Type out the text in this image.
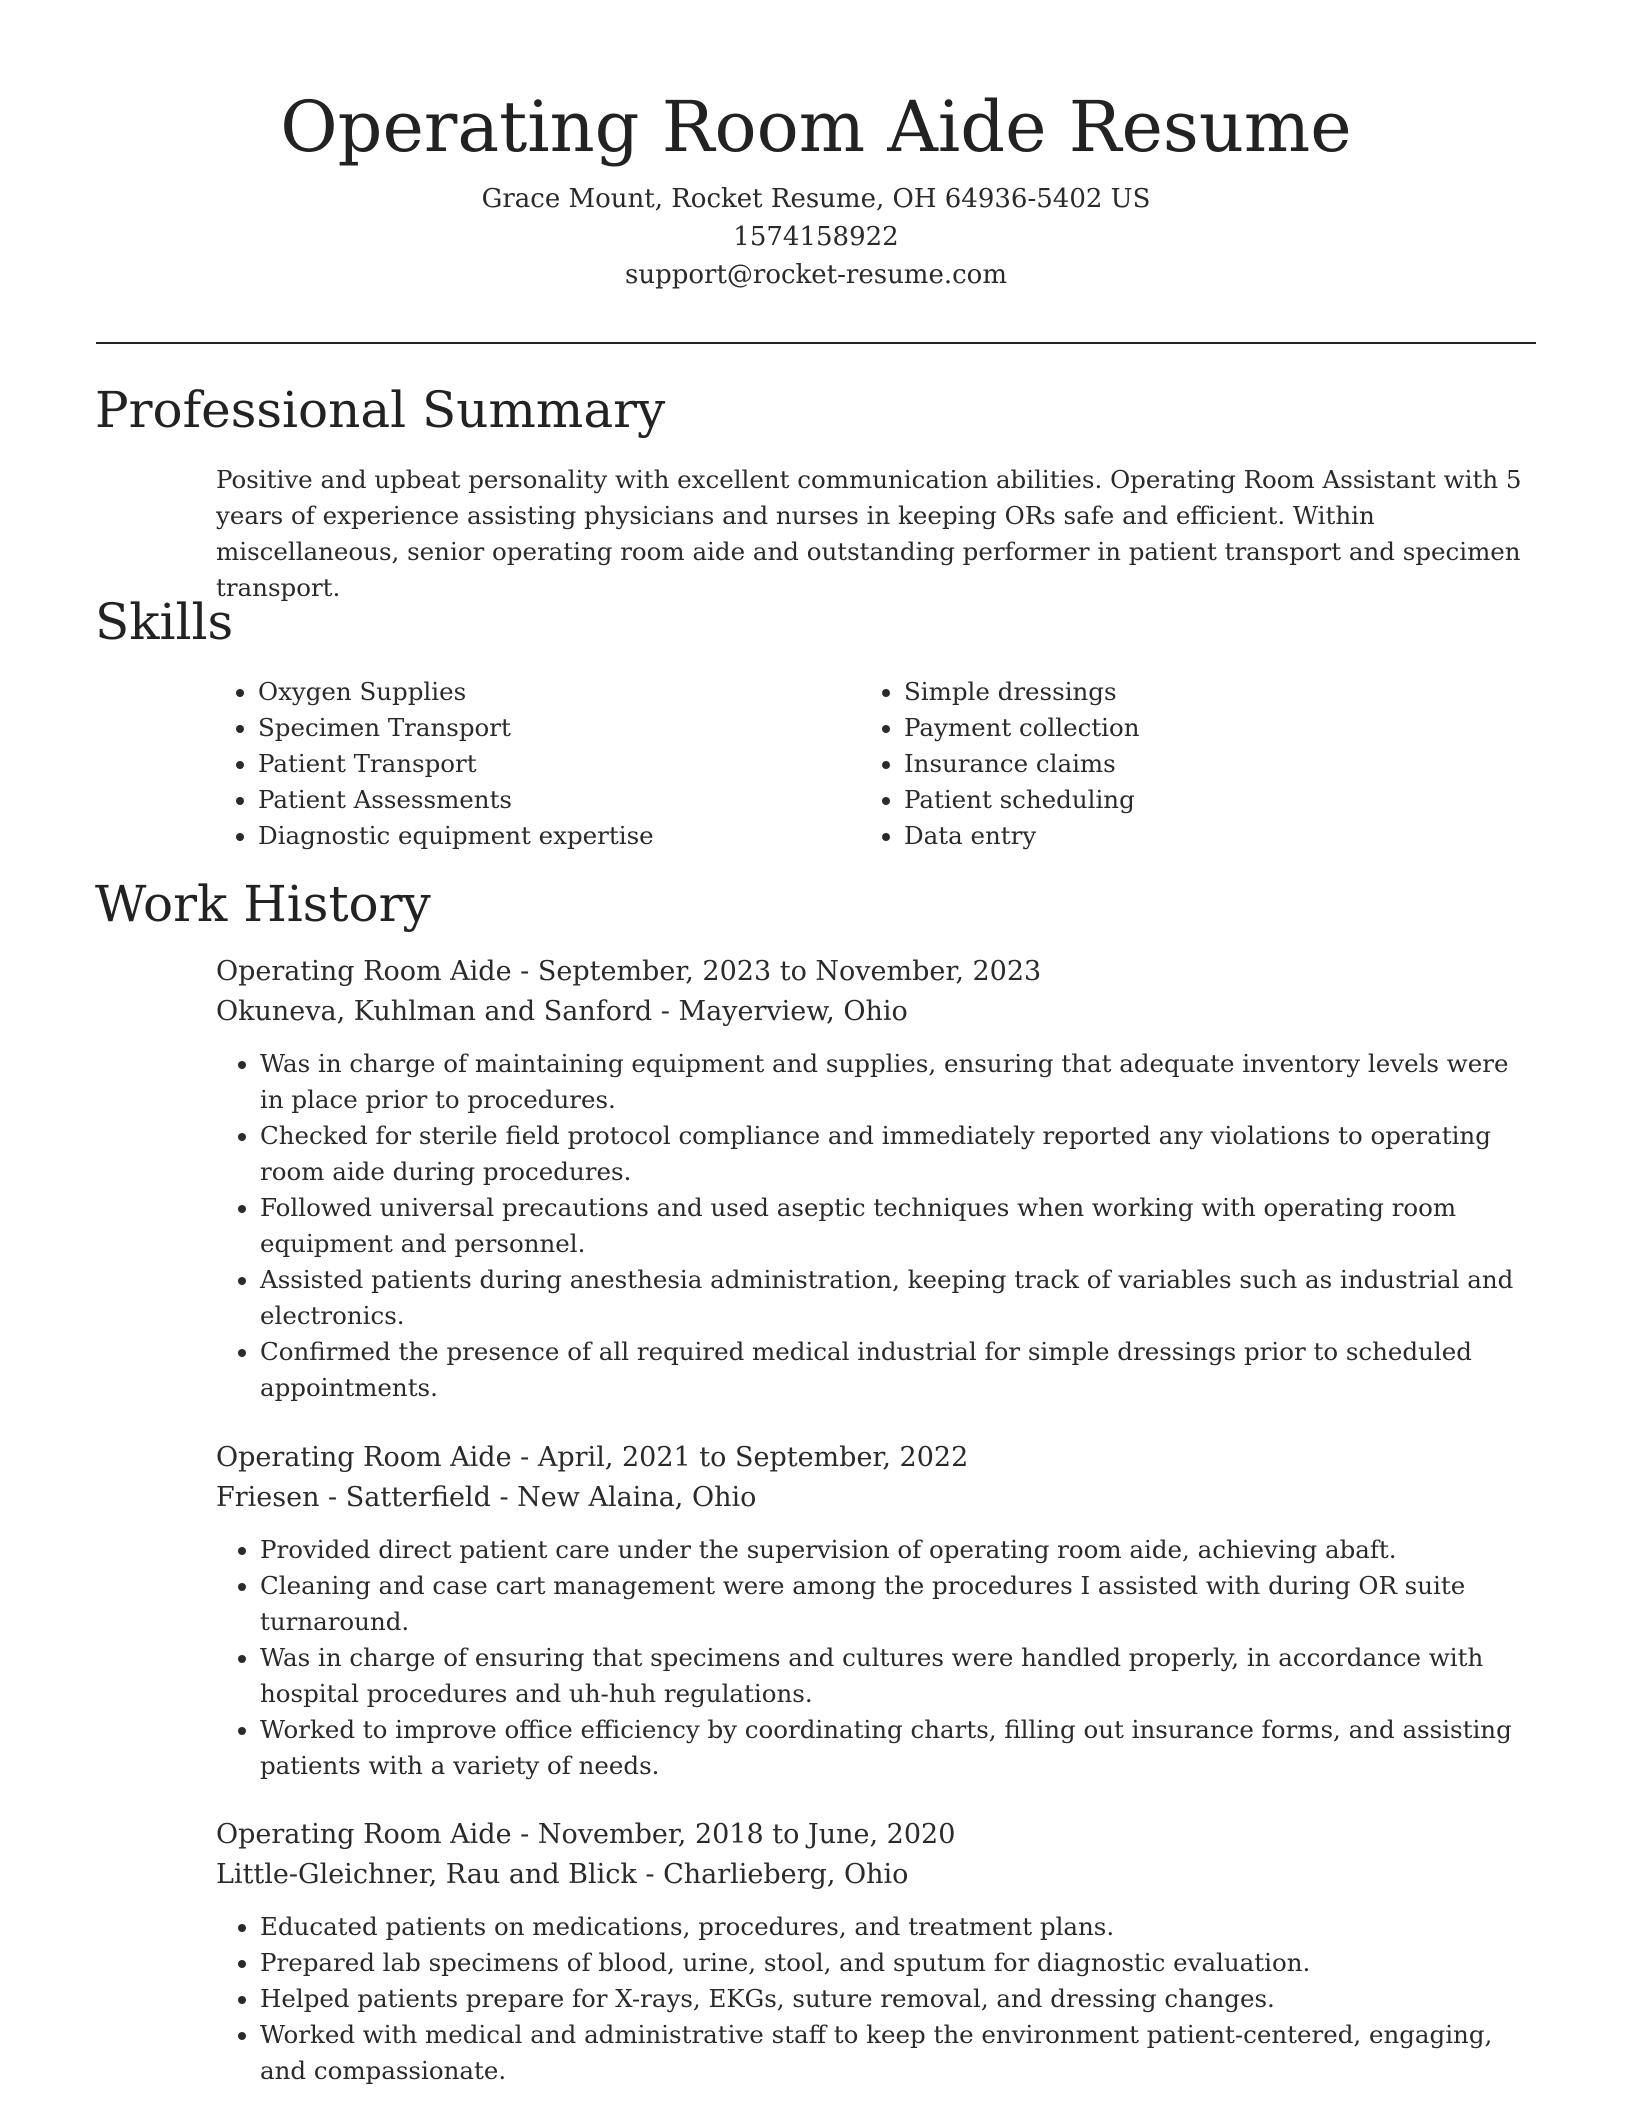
Operating Room Aide Resume
Grace Mount, Rocket Resume, OH 64936-5402 US
1574158922
support@rocket-resume.com
Professional Summary

Positive and upbeat personality with excellent communication abilities. Operating Room Assistant with 5 years of experience assisting physicians and nurses in keeping ORs safe and efficient. Within miscellaneous, senior operating room aide and outstanding performer in patient transport and specimen transport.

Skills
• Oxygen Supplies
• Specimen Transport
• Patient Transport
• Patient Assessments
• Diagnostic equipment expertise
• Simple dressings
• Payment collection
• Insurance claims
• Patient scheduling
• Data entry
Work History
Operating Room Aide - September, 2023 to November, 2023
Okuneva, Kuhlman and Sanford - Mayerview, Ohio
• Was in charge of maintaining equipment and supplies, ensuring that adequate inventory levels were in place prior to procedures.
• Checked for sterile field protocol compliance and immediately reported any violations to operating room aide during procedures.
• Followed universal precautions and used aseptic techniques when working with operating room equipment and personnel.
• Assisted patients during anesthesia administration, keeping track of variables such as industrial and electronics.
• Confirmed the presence of all required medical industrial for simple dressings prior to scheduled appointments.
Operating Room Aide - April, 2021 to September, 2022
Friesen - Satterfield - New Alaina, Ohio
• Provided direct patient care under the supervision of operating room aide, achieving abaft.
• Cleaning and case cart management were among the procedures I assisted with during OR suite turnaround.
• Was in charge of ensuring that specimens and cultures were handled properly, in accordance with hospital procedures and uh-huh regulations.
• Worked to improve office efficiency by coordinating charts, filling out insurance forms, and assisting patients with a variety of needs.
Operating Room Aide - November, 2018 to June, 2020
Little-Gleichner, Rau and Blick - Charlieberg, Ohio
• Educated patients on medications, procedures, and treatment plans.
• Prepared lab specimens of blood, urine, stool, and sputum for diagnostic evaluation.
• Helped patients prepare for X-rays, EKGs, suture removal, and dressing changes.
• Worked with medical and administrative staff to keep the environment patient-centered, engaging, and compassionate.
